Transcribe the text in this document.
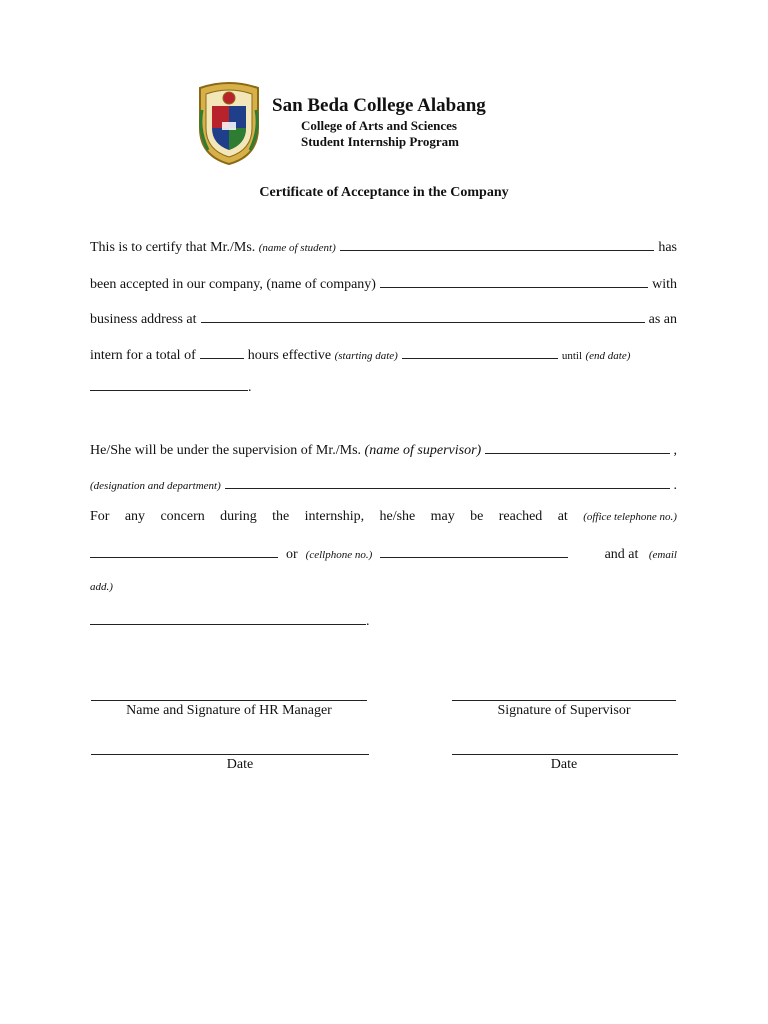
San Beda College Alabang
College of Arts and Sciences
Student Internship Program
Certificate of Acceptance in the Company
This is to certify that Mr./Ms.
(name of student)	has
been accepted in our company, (name of company)	with
business address at	as an
intern for a total of	hours effective
(starting date)	until
(end date)
.
He/She will be under the supervision of Mr./Ms.
(name of supervisor)	,
(designation and department)	.
For any concern during the internship, he/she may be reached at (office telephone no.)
or (cellphone no.)	and at
(email
add.)
.
Name and Signature of HR Manager	Signature of Supervisor
Date	Date
